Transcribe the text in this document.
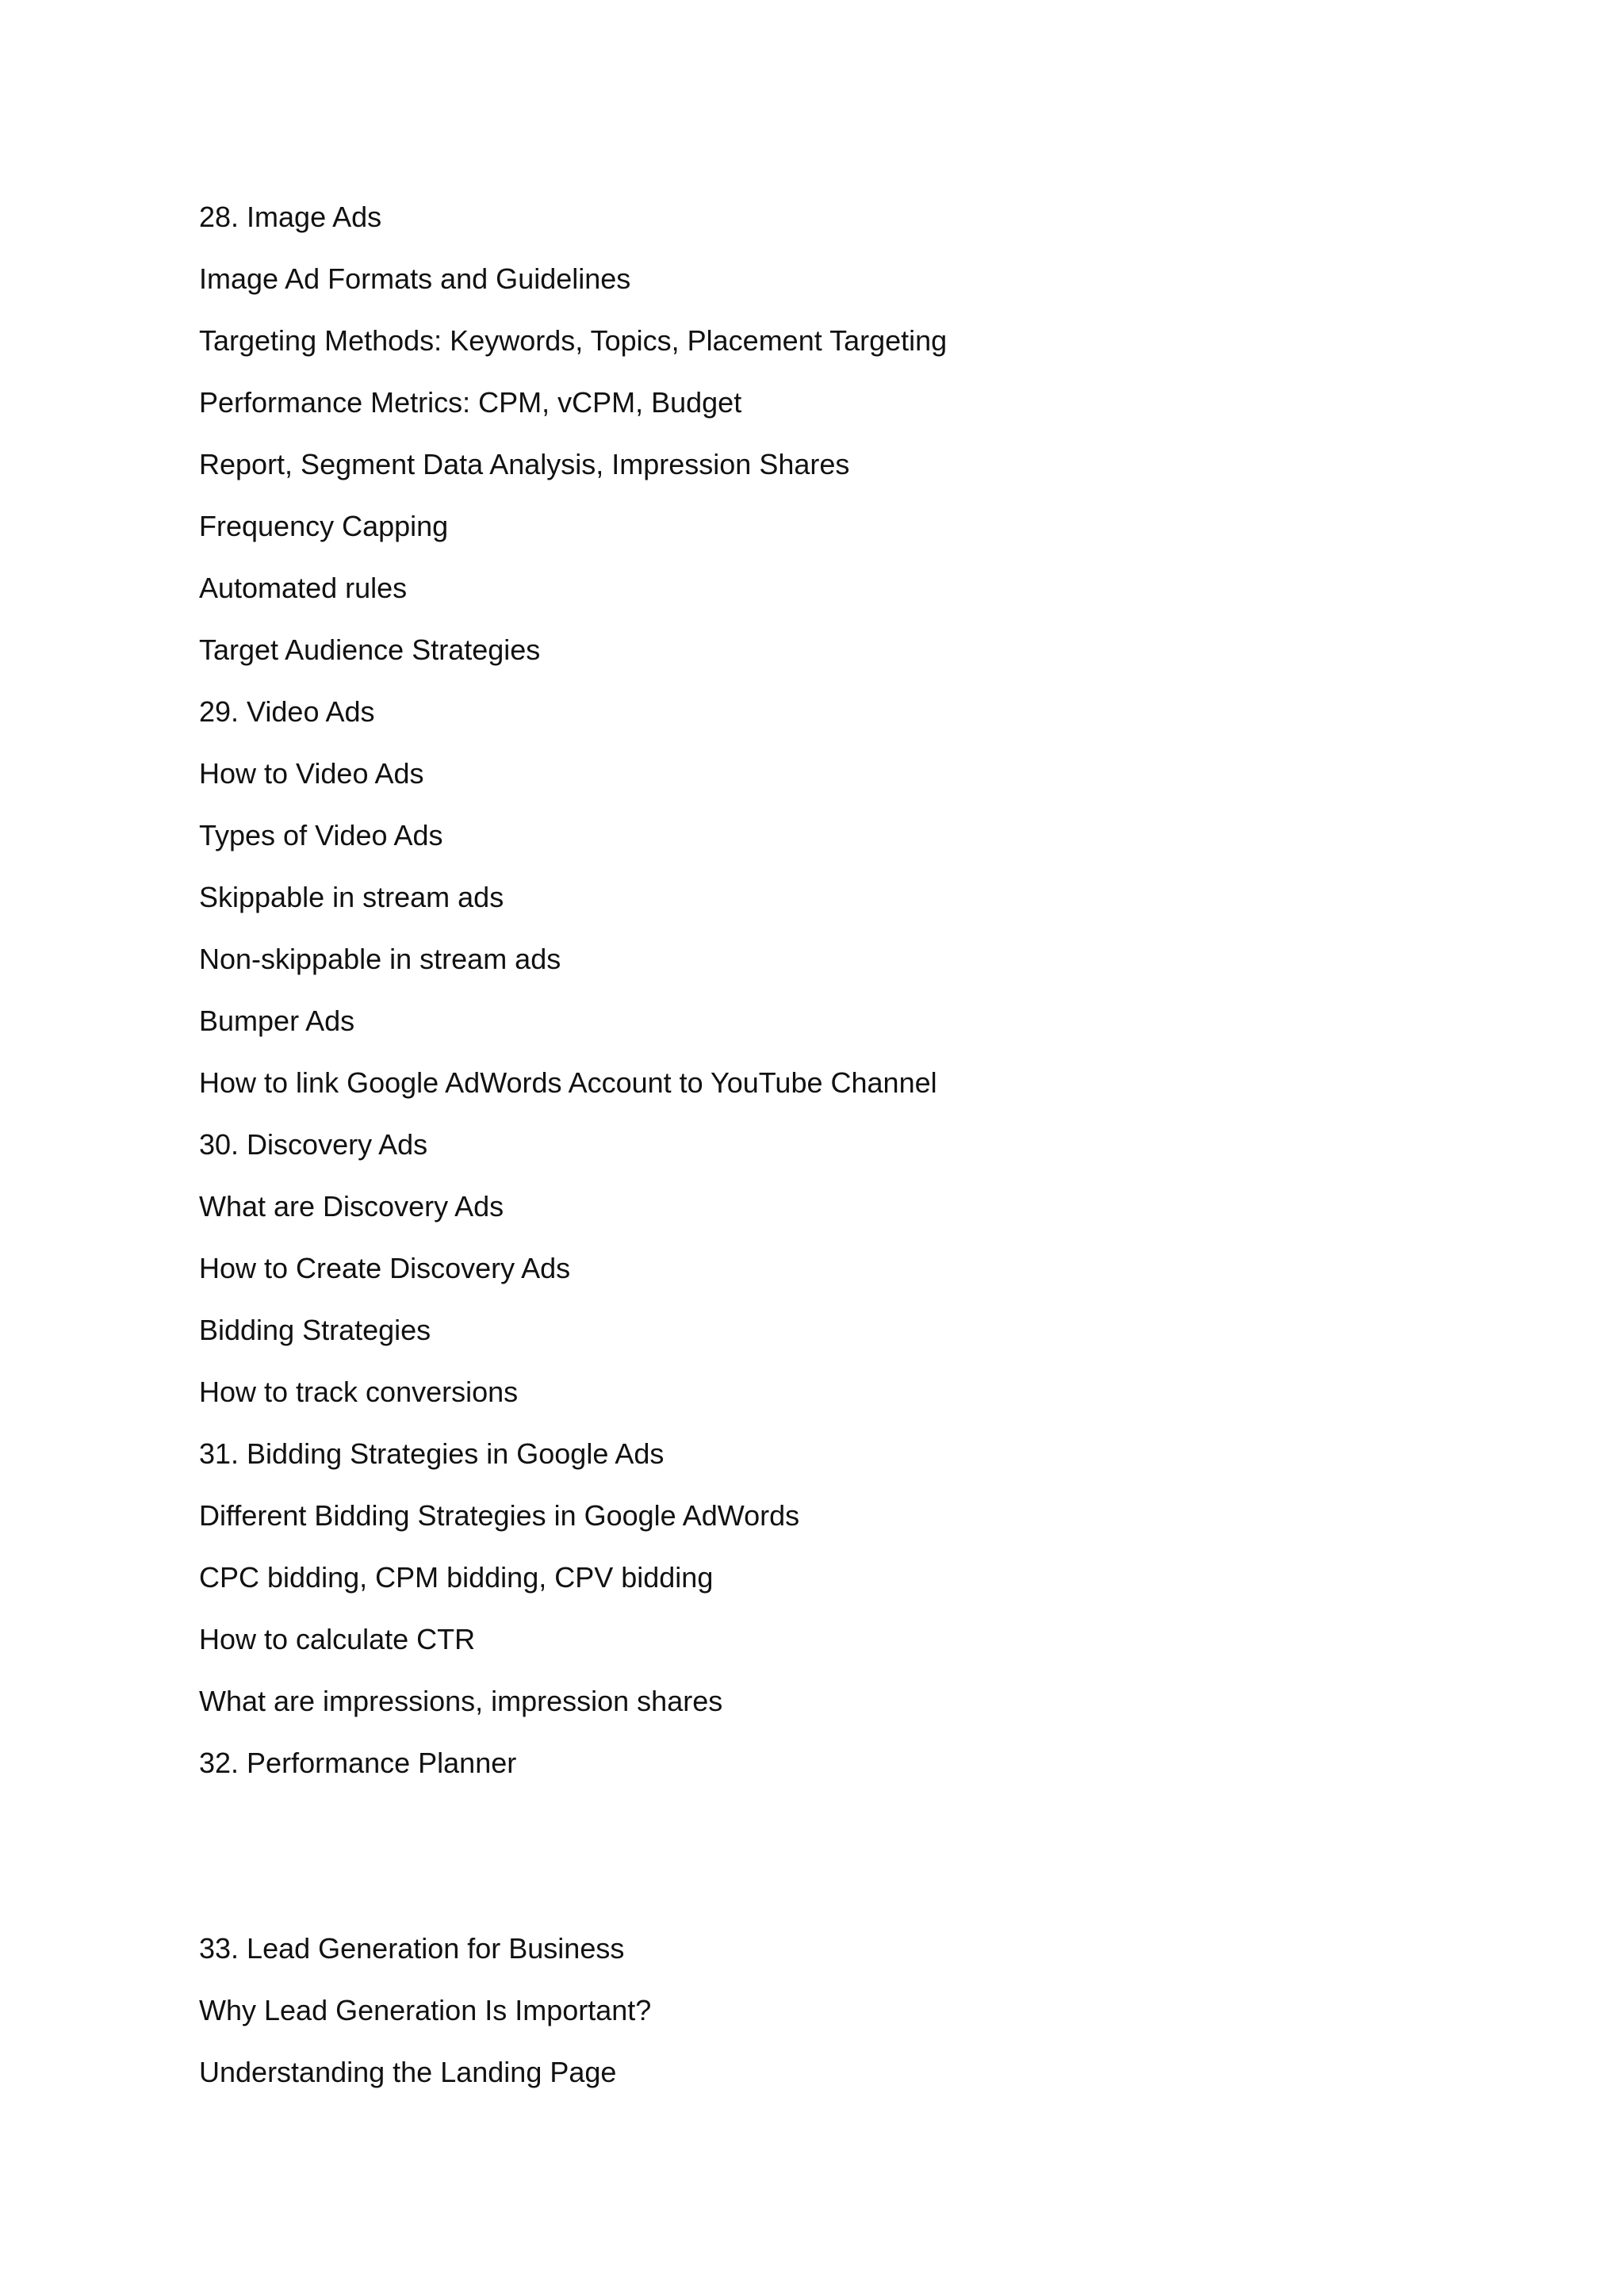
28. Image Ads
Image Ad Formats and Guidelines
Targeting Methods: Keywords, Topics, Placement Targeting
Performance Metrics: CPM, vCPM, Budget
Report, Segment Data Analysis, Impression Shares
Frequency Capping
Automated rules
Target Audience Strategies
29. Video Ads
How to Video Ads
Types of Video Ads
Skippable in stream ads
Non-skippable in stream ads
Bumper Ads
How to link Google AdWords Account to YouTube Channel
30. Discovery Ads
What are Discovery Ads
How to Create Discovery Ads
Bidding Strategies
How to track conversions
31. Bidding Strategies in Google Ads
Different Bidding Strategies in Google AdWords
CPC bidding, CPM bidding, CPV bidding
How to calculate CTR
What are impressions, impression shares
32. Performance Planner
33. Lead Generation for Business
Why Lead Generation Is Important?
Understanding the Landing Page
